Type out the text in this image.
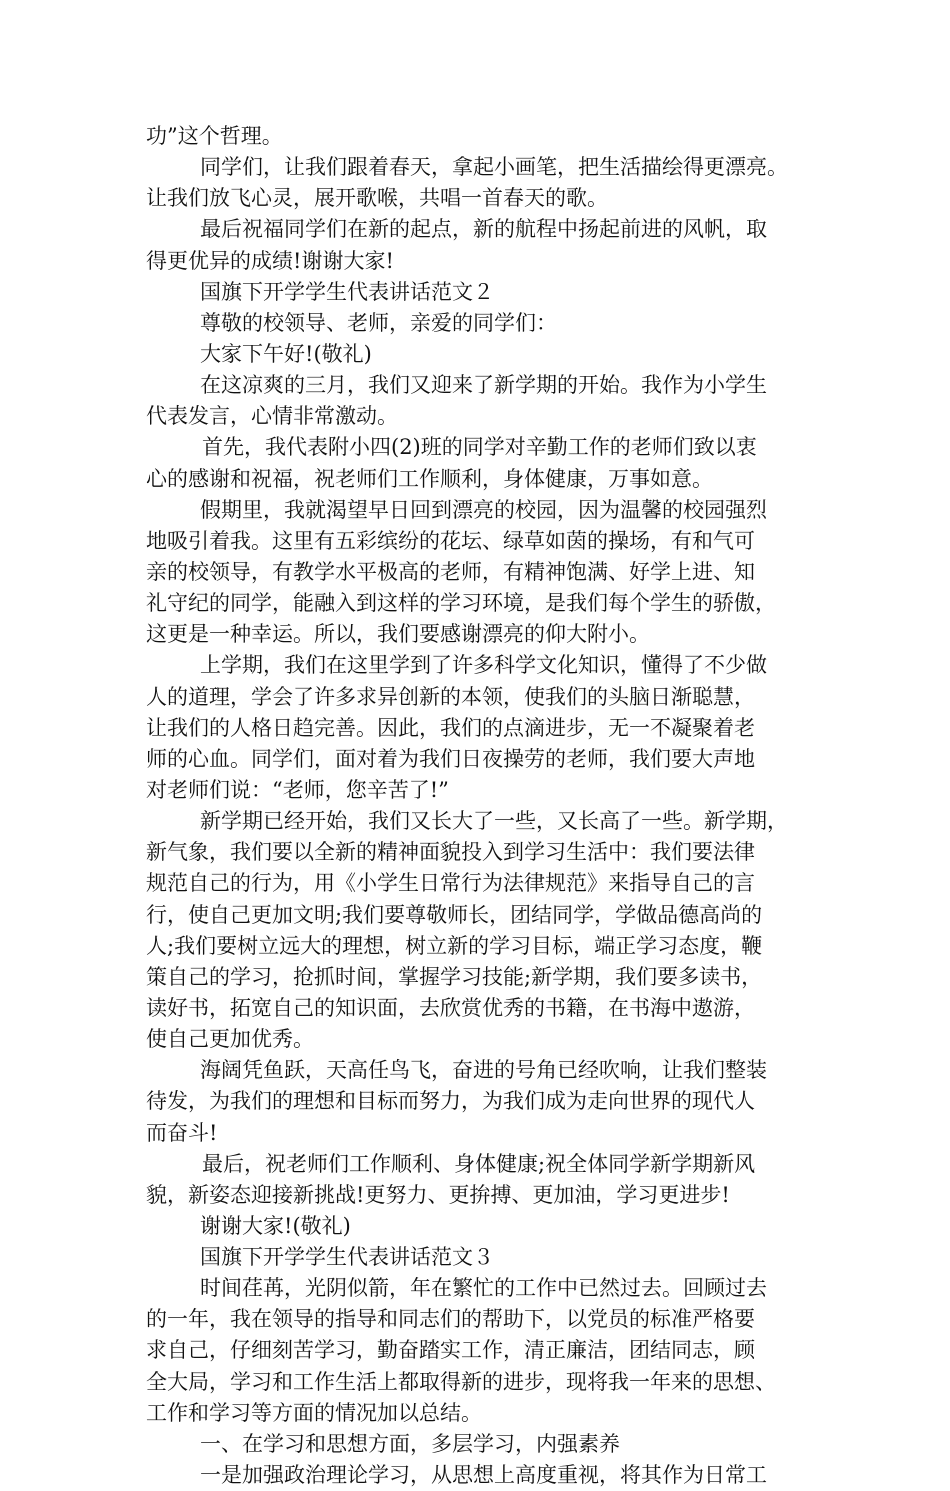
功”这个哲理。
同学们，让我们跟着春天，拿起小画笔，把生活描绘得更漂亮。
让我们放飞心灵，展开歌喉，共唱一首春天的歌。
最后祝福同学们在新的起点，新的航程中扬起前进的风帆，取
得更优异的成绩!谢谢大家!
国旗下开学学生代表讲话范文２
尊敬的校领导、老师，亲爱的同学们：
大家下午好!(敬礼)
在这凉爽的三月，我们又迎来了新学期的开始。我作为小学生
代表发言，心情非常激动。
首先，我代表附小四(2)班的同学对辛勤工作的老师们致以衷
心的感谢和祝福，祝老师们工作顺利，身体健康，万事如意。
假期里，我就渴望早日回到漂亮的校园，因为温馨的校园强烈
地吸引着我。这里有五彩缤纷的花坛、绿草如茵的操场，有和气可
亲的校领导，有教学水平极高的老师，有精神饱满、好学上进、知
礼守纪的同学，能融入到这样的学习环境，是我们每个学生的骄傲，
这更是一种幸运。所以，我们要感谢漂亮的仰大附小。
上学期，我们在这里学到了许多科学文化知识，懂得了不少做
人的道理，学会了许多求异创新的本领，使我们的头脑日渐聪慧，
让我们的人格日趋完善。因此，我们的点滴进步，无一不凝聚着老
师的心血。同学们，面对着为我们日夜操劳的老师，我们要大声地
对老师们说：“老师，您辛苦了!”
新学期已经开始，我们又长大了一些，又长高了一些。新学期，
新气象，我们要以全新的精神面貌投入到学习生活中：我们要法律
规范自己的行为，用《小学生日常行为法律规范》来指导自己的言
行，使自己更加文明;我们要尊敬师长，团结同学，学做品德高尚的
人;我们要树立远大的理想，树立新的学习目标，端正学习态度，鞭
策自己的学习，抢抓时间，掌握学习技能;新学期，我们要多读书，
读好书，拓宽自己的知识面，去欣赏优秀的书籍，在书海中遨游，
使自己更加优秀。
海阔凭鱼跃，天高任鸟飞，奋进的号角已经吹响，让我们整装
待发，为我们的理想和目标而努力，为我们成为走向世界的现代人
而奋斗!
最后，祝老师们工作顺利、身体健康;祝全体同学新学期新风
貌，新姿态迎接新挑战!更努力、更拚搏、更加油，学习更进步!
谢谢大家!(敬礼)
国旗下开学学生代表讲话范文３
时间荏苒，光阴似箭，年在繁忙的工作中已然过去。回顾过去
的一年，我在领导的指导和同志们的帮助下，以党员的标准严格要
求自己，仔细刻苦学习，勤奋踏实工作，清正廉洁，团结同志，顾
全大局，学习和工作生活上都取得新的进步，现将我一年来的思想、
工作和学习等方面的情况加以总结。
一、在学习和思想方面，多层学习，内强素养
一是加强政治理论学习，从思想上高度重视，将其作为日常工
